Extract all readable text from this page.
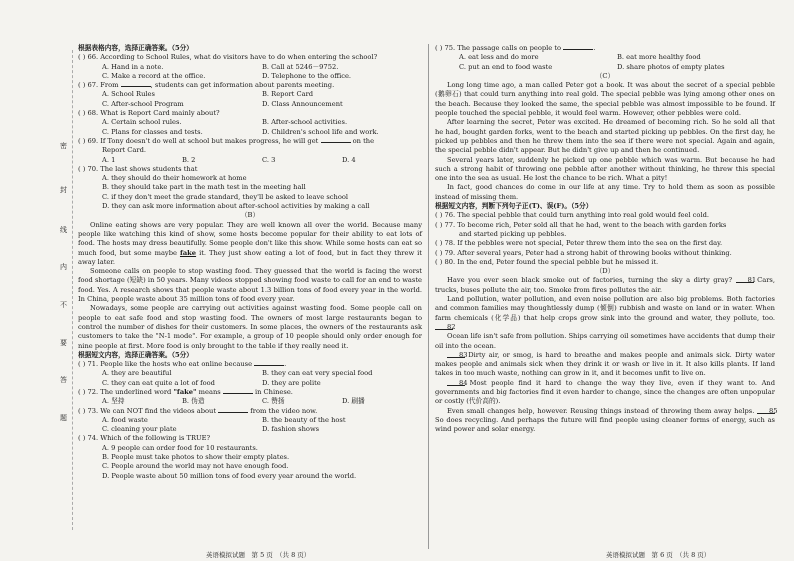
密
封
线
内
不
要
答
题
根据表格内容，选择正确答案。（5分）
( ) 66. According to School Rules, what do visitors have to do when entering the school?
A. Hand in a note.	B. Call at 5246－9752.
C. Make a record at the office.	D. Telephone to the office.
( ) 67. From	, students can get information about parents meeting.
A. School Rules	B. Report Card
C. After-school Program	D. Class Announcement
( ) 68. What is Report Card mainly about?
A. Certain school rules.	B. After-school activities.
C. Plans for classes and tests.	D. Children's school life and work.
( ) 69. If Tony doesn't do well at school but makes progress, he will get	on the
Report Card.
A. 1	B. 2	C. 3	D. 4
( ) 70. The last shows students that
A. they should do their homework at home
B. they should take part in the math test in the meeting hall
C. if they don't meet the grade standard, they'll be asked to leave school
D. they can ask more information about after-school activities by making a call
（B）

Online eating shows are very popular. They are well known all over the world. Because many people like watching this kind of show, some hosts become popular for their ability to eat lots of food. The hosts may dress beautifully. Some people don't like this show. While some hosts can eat so much food, but some maybe fake it. They just show eating a lot of food, but in fact they threw it away later.

Someone calls on people to stop wasting food. They guessed that the world is facing the worst food shortage (短缺) in 50 years. Many videos stopped showing food waste to call for an end to waste food. Yes. A research shows that people waste about 1.3 billion tons of food every year in the world. In China, people waste about 35 million tons of food every year.

Nowadays, some people are carrying out activities against wasting food. Some people call on people to eat safe food and stop wasting food. The owners of most large restaurants began to control the number of dishes for their customers. In some places, the owners of the restaurants ask customers to take the "N-1 mode". For example, a group of 10 people should only order enough for nine people at first. More food is only brought to the table if they really need it.

根据短文内容，选择正确答案。（5分）
( ) 71. People like the hosts who eat online because	.
A. they are beautiful	B. they can eat very special food
C. they can eat quite a lot of food	D. they are polite
( ) 72. The underlined word "fake" means	in Chinese.
A. 坚持	B. 伪造	C. 赞扬	D. 刷播
( ) 73. We can NOT find the videos about	from the video now.
A. food waste	B. the beauty of the host
C. cleaning your plate	D. fashion shows
( ) 74. Which of the following is TRUE?
A. 9 people can order food for 10 restaurants.
B. People must take photos to show their empty plates.
C. People around the world may not have enough food.
D. People waste about 50 million tons of food every year around the world.
( ) 75. The passage calls on people to	.
A. eat less and do more	B. eat more healthy food
C. put an end to food waste	D. share photos of empty plates
（C）

Long long time ago, a man called Peter got a book. It was about the secret of a special pebble (鹅卵石) that could turn anything into real gold. The special pebble was lying among other ones on the beach. Because they looked the same, the special pebble was almost impossible to be found. If people touched the special pebble, it would feel warm. However, other pebbles were cold.

After learning the secret, Peter was excited. He dreamed of becoming rich. So he sold all that he had, bought garden forks, went to the beach and started picking up pebbles. On the first day, he picked up pebbles and then he threw them into the sea if there were not special. Again and again, the special pebble didn't appear. But he didn't give up and then he continued.

Several years later, suddenly he picked up one pebble which was warm. But because he had such a strong habit of throwing one pebble after another without thinking, he threw this special one into the sea as usual. He lost the chance to be rich. What a pity!

In fact, good chances do come in our life at any time. Try to hold them as soon as possible instead of missing them.

根据短文内容，判断下列句子正(T)、误(F)。（5分）
( ) 76. The special pebble that could turn anything into real gold would feel cold.
( ) 77. To become rich, Peter sold all that he had, went to the beach with garden forks
and started picking up pebbles.
( ) 78. If the pebbles were not special, Peter threw them into the sea on the first day.
( ) 79. After several years, Peter had a strong habit of throwing books without thinking.
( ) 80. In the end, Peter found the special pebble but he missed it.
（D）

Have you ever seen black smoke out of factories, turning the sky a dirty gray?	81 Cars, trucks, buses pollute the air, too. Smoke from fires pollutes the air.

Land pollution, water pollution, and even noise pollution are also big problems. Both factories and common families may thoughtlessly dump (倾倒) rubbish and waste on land or in water. When farm chemicals (化学品) that help crops grow sink into the ground and water, they pollute, too.
82

Ocean life isn't safe from pollution. Ships carrying oil sometimes have accidents that dump their oil into the ocean.

83 Dirty air, or smog, is hard to breathe and makes people and animals sick. Dirty water makes people and animals sick when they drink it or wash or live in it. It also kills plants. If land takes in too much waste, nothing can grow in it, and it becomes unfit to live on.

84 Most people find it hard to change the way they live, even if they want to. And governments and big factories find it even harder to change, since the changes are often unpopular or costly (代价高的).

Even small changes help, however. Reusing things instead of throwing them away helps.	85
So does recycling. And perhaps the future will find people using cleaner forms of energy, such as wind power and solar energy.

英语模拟试题　第 5 页　（共 8 页）	英语模拟试题　第 6 页　（共 8 页）
